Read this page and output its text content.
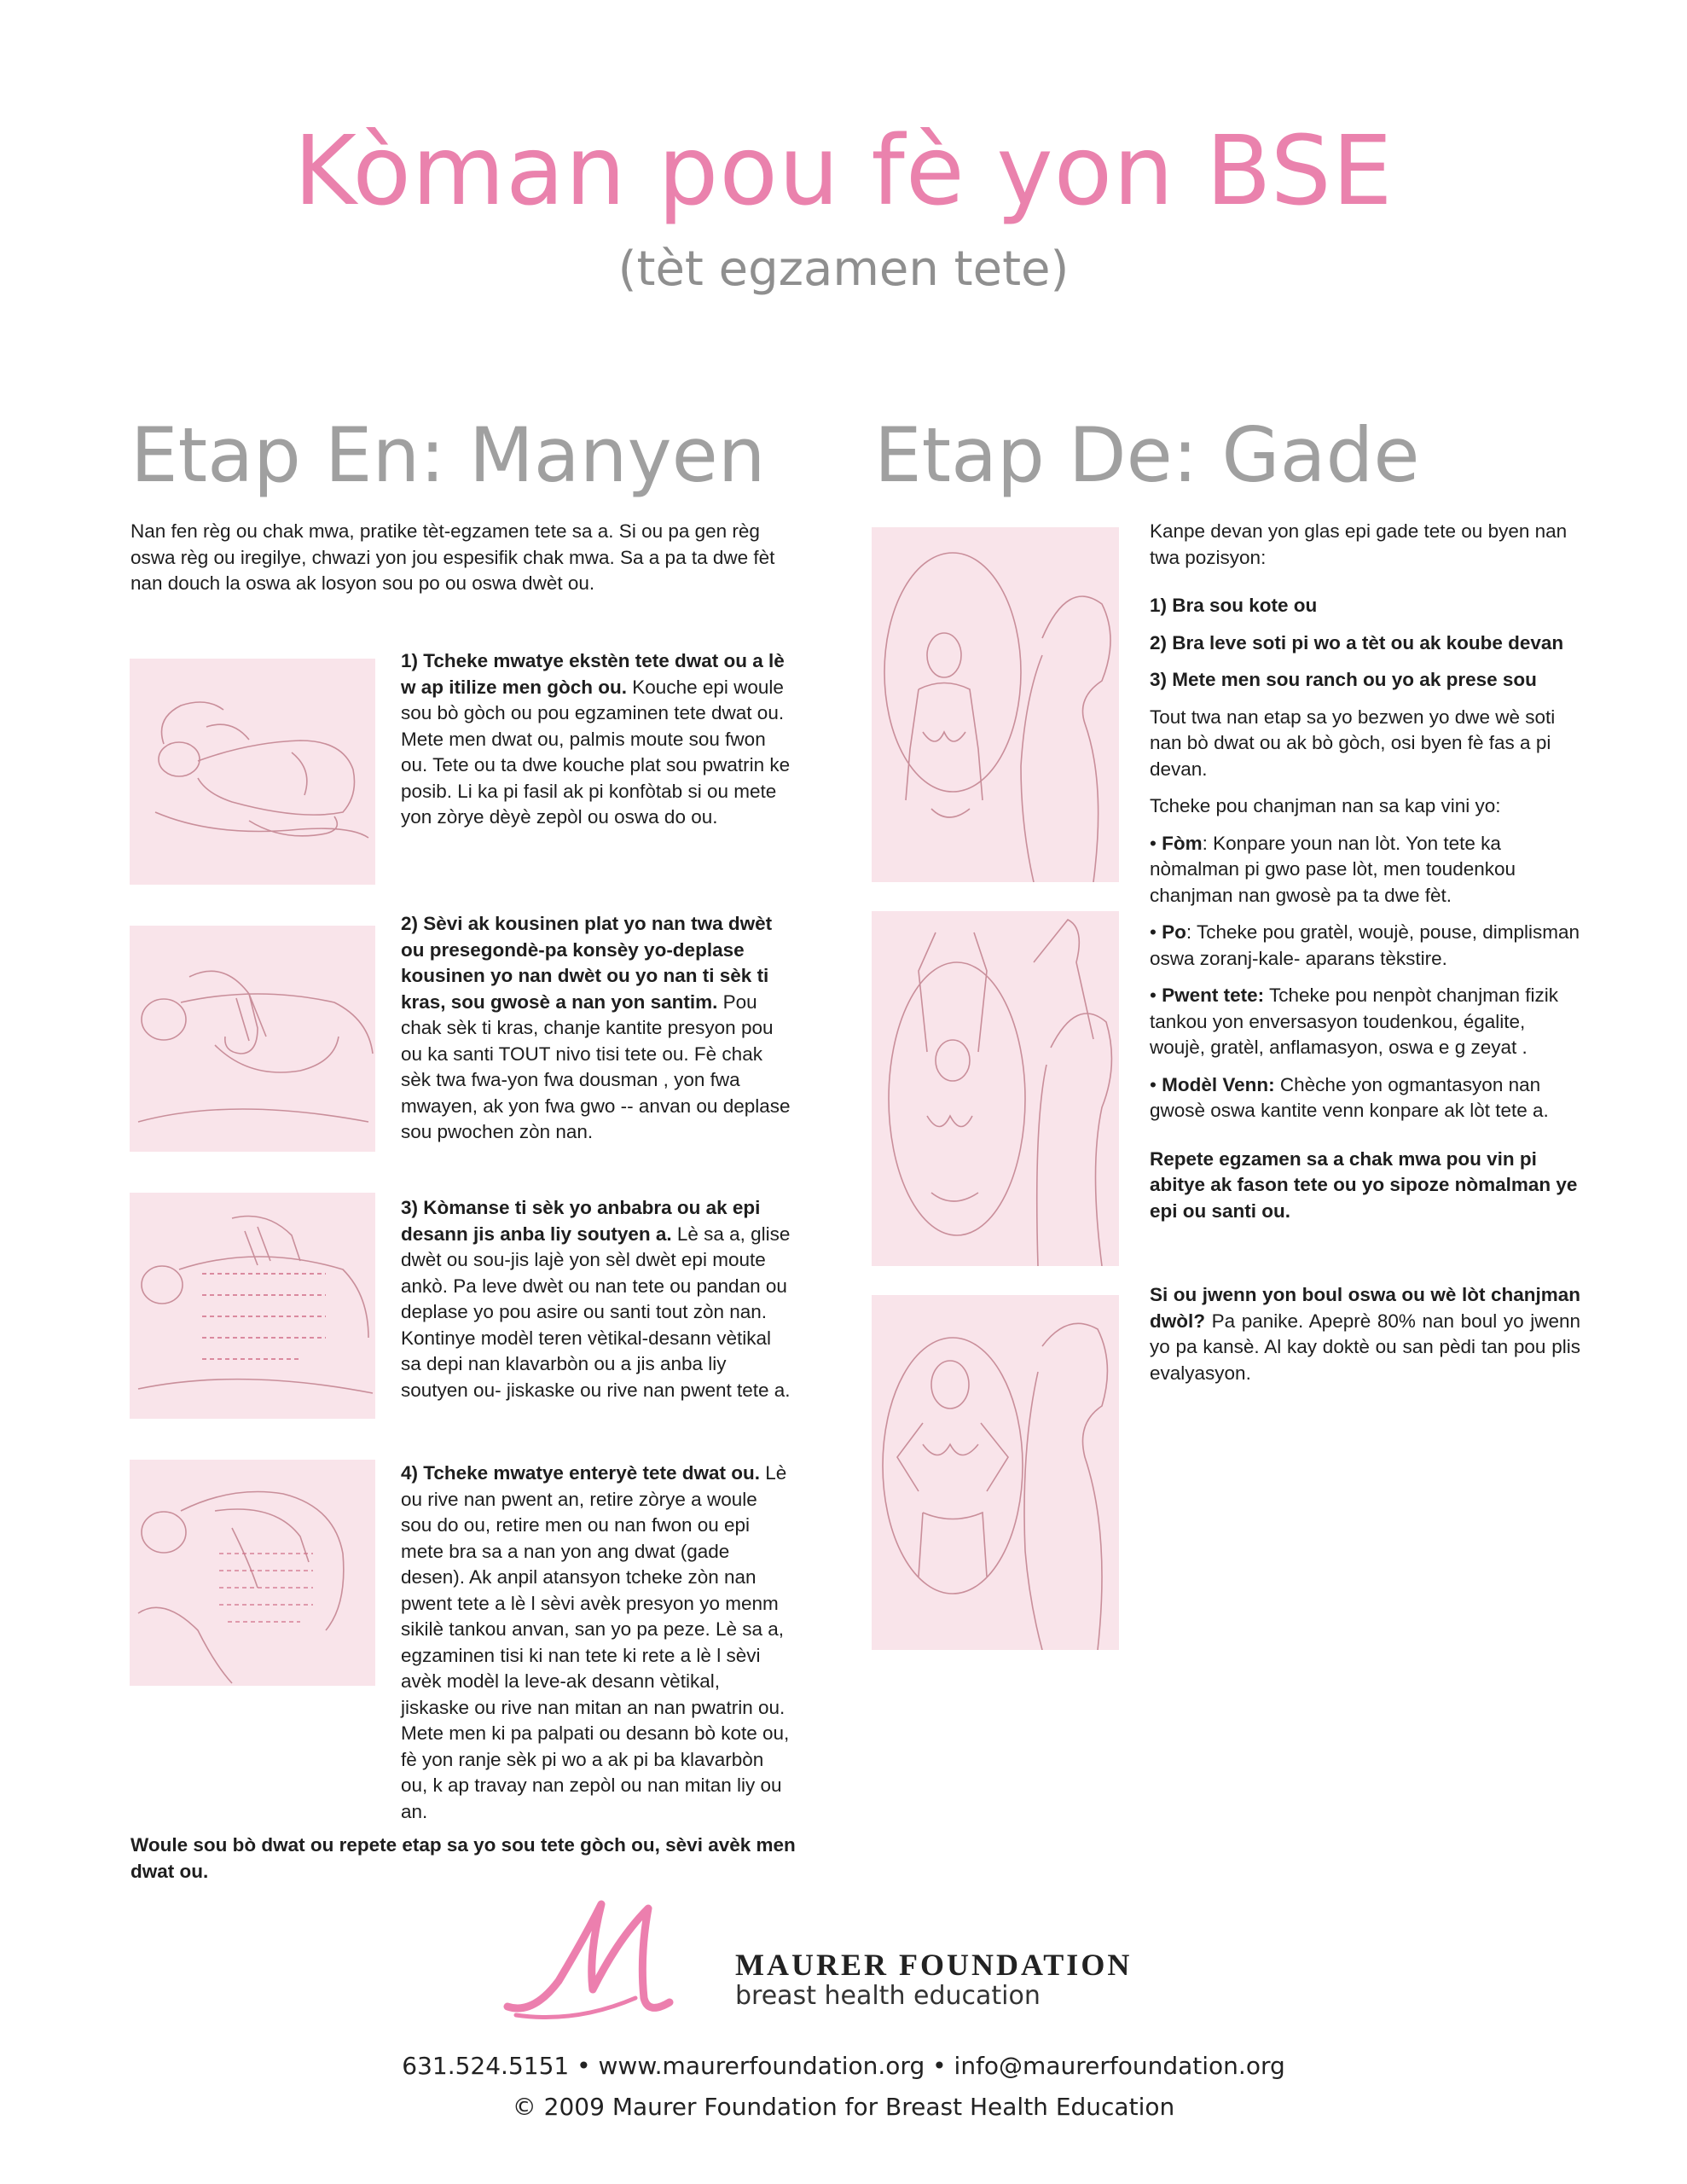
Kòman pou fè yon BSE
(tèt egzamen tete)
Etap En: Manyen
Nan fen règ ou chak mwa, pratike tèt-egzamen tete sa a. Si ou pa gen règ oswa règ ou iregilye, chwazi yon jou espesifik chak mwa. Sa a pa ta dwe fèt nan douch la oswa ak losyon sou po ou oswa dwèt ou.
1) Tcheke mwatye ekstèn tete dwat ou a lè w ap itilize men gòch ou. Kouche epi woule sou bò gòch ou pou egzaminen tete dwat ou. Mete men dwat ou, palmis moute sou fwon ou. Tete ou ta dwe kouche plat sou pwatrin ke posib. Li ka pi fasil ak pi konfòtab si ou mete yon zòrye dèyè zepòl ou oswa do ou.
2) Sèvi ak kousinen plat yo nan twa dwèt ou presegondè-pa konsèy yo-deplase kousinen yo nan dwèt ou yo nan ti sèk ti kras, sou gwosè a nan yon santim. Pou chak sèk ti kras, chanje kantite presyon pou ou ka santi TOUT nivo tisi tete ou. Fè chak sèk twa fwa-yon fwa dousman , yon fwa mwayen, ak yon fwa gwo -- anvan ou deplase sou pwochen zòn nan.
3) Kòmanse ti sèk yo anbabra ou ak epi desann jis anba liy soutyen a. Lè sa a, glise dwèt ou sou-jis lajè yon sèl dwèt epi moute ankò. Pa leve dwèt ou nan tete ou pandan ou deplase yo pou asire ou santi tout zòn nan. Kontinye modèl teren vètikal-desann vètikal sa depi nan klavarbòn ou a jis anba liy soutyen ou- jiskaske ou rive nan pwent tete a.
4) Tcheke mwatye enteryè tete dwat ou. Lè ou rive nan pwent an, retire zòrye a woule sou do ou, retire men ou nan fwon ou epi mete bra sa a nan yon ang dwat (gade desen). Ak anpil atansyon tcheke zòn nan pwent tete a lè l sèvi avèk presyon yo menm sikilè tankou anvan, san yo pa peze. Lè sa a, egzaminen tisi ki nan tete ki rete a lè l sèvi avèk modèl la leve-ak desann vètikal, jiskaske ou rive nan mitan an nan pwatrin ou. Mete men ki pa palpati ou desann bò kote ou, fè yon ranje sèk pi wo a ak pi ba klavarbòn ou, k ap travay nan zepòl ou nan mitan liy ou an.
Woule sou bò dwat ou repete etap sa yo sou tete gòch ou, sèvi avèk men dwat ou.
Etap De: Gade

Kanpe devan yon glas epi gade tete ou byen nan twa pozisyon:

1) Bra sou kote ou

2) Bra leve soti pi wo a tèt ou ak koube devan

3) Mete men sou ranch ou yo ak prese sou

Tout twa nan etap sa yo bezwen yo dwe wè soti nan bò dwat ou ak bò gòch, osi byen fè fas a pi devan.

Tcheke pou chanjman nan sa kap vini yo:

• Fòm: Konpare youn nan lòt. Yon tete ka nòmalman pi gwo pase lòt, men toudenkou chanjman nan gwosè pa ta dwe fèt.

• Po: Tcheke pou gratèl, woujè, pouse, dimplisman oswa zoranj-kale- aparans tèkstire.

• Pwent tete: Tcheke pou nenpòt chanjman fizik tankou yon enversasyon toudenkou, égalite, woujè, gratèl, anflamasyon, oswa e g zeyat .

• Modèl Venn: Chèche yon ogmantasyon nan gwosè oswa kantite venn konpare ak lòt tete a.

Repete egzamen sa a chak mwa pou vin pi abitye ak fason tete ou yo sipoze nòmalman ye epi ou santi ou.

Si ou jwenn yon boul oswa ou wè lòt chanjman dwòl? Pa panike. Apeprè 80% nan boul yo jwenn yo pa kansè. Al kay doktè ou san pèdi tan pou plis evalyasyon.

MAURER FOUNDATION
breast health education
631.524.5151 • www.maurerfoundation.org • info@maurerfoundation.org
© 2009 Maurer Foundation for Breast Health Education
